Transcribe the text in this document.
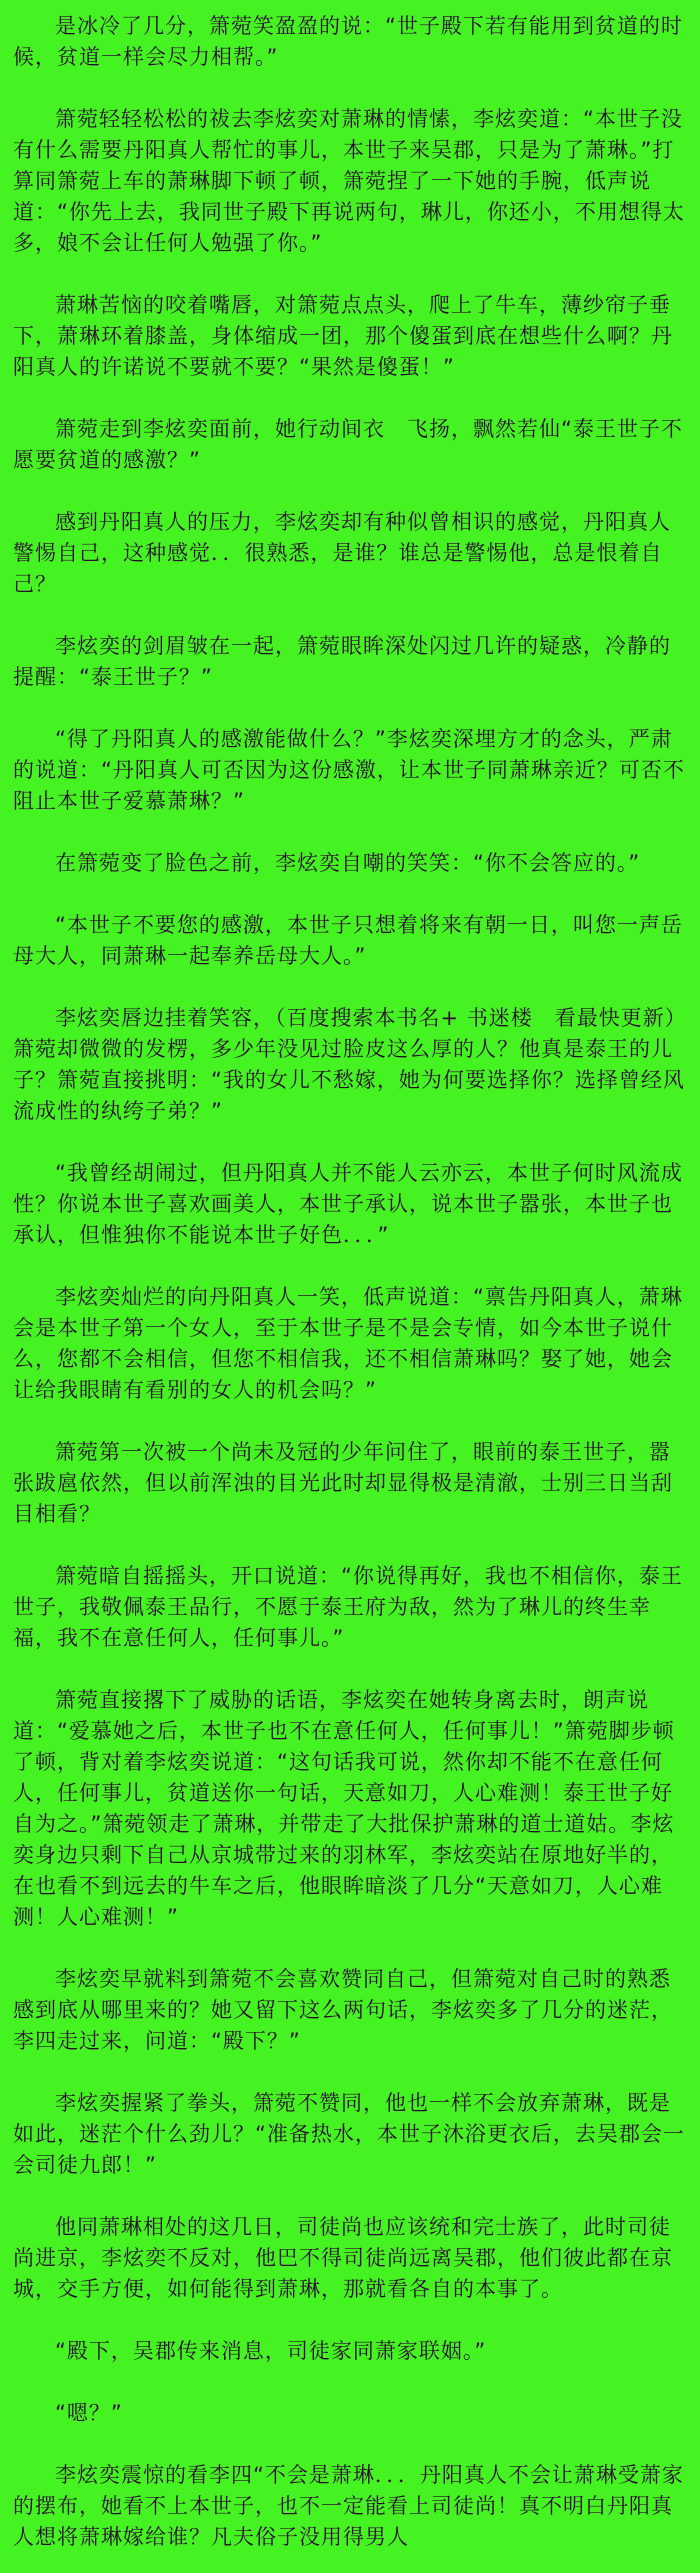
是冰冷了几分，箫菀笑盈盈的说：“世子殿下若有能用到贫道的时候，贫道一样会尽力相帮。”

箫菀轻轻松松的祓去李炫奕对萧琳的情愫，李炫奕道：“本世子没有什么需要丹阳真人帮忙的事儿，本世子来吴郡，只是为了萧琳。”打算同箫菀上车的萧琳脚下顿了顿，箫菀捏了一下她的手腕，低声说道：“你先上去，我同世子殿下再说两句，琳儿，你还小，不用想得太多，娘不会让任何人勉强了你。”

萧琳苦恼的咬着嘴唇，对箫菀点点头，爬上了牛车，薄纱帘子垂下，萧琳环着膝盖，身体缩成一团，那个傻蛋到底在想些什么啊？丹阳真人的许诺说不要就不要？“果然是傻蛋！”

箫菀走到李炫奕面前，她行动间衣　飞扬，飘然若仙“泰王世子不愿要贫道的感激？”

感到丹阳真人的压力，李炫奕却有种似曾相识的感觉，丹阳真人警惕自己，这种感觉．．很熟悉，是谁？谁总是警惕他，总是恨着自己？

李炫奕的剑眉皱在一起，箫菀眼眸深处闪过几许的疑惑，冷静的提醒：“泰王世子？”

“得了丹阳真人的感激能做什么？”李炫奕深埋方才的念头，严肃的说道：“丹阳真人可否因为这份感激，让本世子同萧琳亲近？可否不阻止本世子爱慕萧琳？”

在箫菀变了脸色之前，李炫奕自嘲的笑笑：“你不会答应的。”

“本世子不要您的感激，本世子只想着将来有朝一日，叫您一声岳母大人，同萧琳一起奉养岳母大人。”

李炫奕唇边挂着笑容，（百度搜索本书名+ 书迷楼　看最快更新）箫菀却微微的发楞，多少年没见过脸皮这么厚的人？他真是泰王的儿子？箫菀直接挑明：“我的女儿不愁嫁，她为何要选择你？选择曾经风流成性的纨绔子弟？”

“我曾经胡闹过，但丹阳真人并不能人云亦云，本世子何时风流成性？你说本世子喜欢画美人，本世子承认，说本世子嚣张，本世子也承认，但惟独你不能说本世子好色．．．”

李炫奕灿烂的向丹阳真人一笑，低声说道：“禀告丹阳真人，萧琳会是本世子第一个女人，至于本世子是不是会专情，如今本世子说什么，您都不会相信，但您不相信我，还不相信萧琳吗？娶了她，她会让给我眼睛有看别的女人的机会吗？”

箫菀第一次被一个尚未及冠的少年问住了，眼前的泰王世子，嚣张跋扈依然，但以前浑浊的目光此时却显得极是清澈，士别三日当刮目相看？

箫菀暗自摇摇头，开口说道：“你说得再好，我也不相信你，泰王世子，我敬佩泰王品行，不愿于泰王府为敌，然为了琳儿的终生幸福，我不在意任何人，任何事儿。”

箫菀直接撂下了威胁的话语，李炫奕在她转身离去时，朗声说道：“爱慕她之后，本世子也不在意任何人，任何事儿！”箫菀脚步顿了顿，背对着李炫奕说道：“这句话我可说，然你却不能不在意任何人，任何事儿，贫道送你一句话，天意如刀，人心难测！泰王世子好自为之。”箫菀领走了萧琳，并带走了大批保护萧琳的道士道姑。李炫奕身边只剩下自己从京城带过来的羽林军，李炫奕站在原地好半的，在也看不到远去的牛车之后，他眼眸暗淡了几分“天意如刀，人心难测！人心难测！”

李炫奕早就料到箫菀不会喜欢赞同自己，但箫菀对自己时的熟悉感到底从哪里来的？她又留下这么两句话，李炫奕多了几分的迷茫，李四走过来，问道：“殿下？”

李炫奕握紧了拳头，箫菀不赞同，他也一样不会放弃萧琳，既是如此，迷茫个什么劲儿？“准备热水，本世子沐浴更衣后，去吴郡会一会司徒九郎！”

他同萧琳相处的这几日，司徒尚也应该统和完士族了，此时司徒尚进京，李炫奕不反对，他巴不得司徒尚远离吴郡，他们彼此都在京城，交手方便，如何能得到萧琳，那就看各自的本事了。

“殿下，吴郡传来消息，司徒家同萧家联姻。”

“嗯？”

李炫奕震惊的看李四“不会是萧琳．．．丹阳真人不会让萧琳受萧家的摆布，她看不上本世子，也不一定能看上司徒尚！真不明白丹阳真人想将萧琳嫁给谁？凡夫俗子没用得男人
